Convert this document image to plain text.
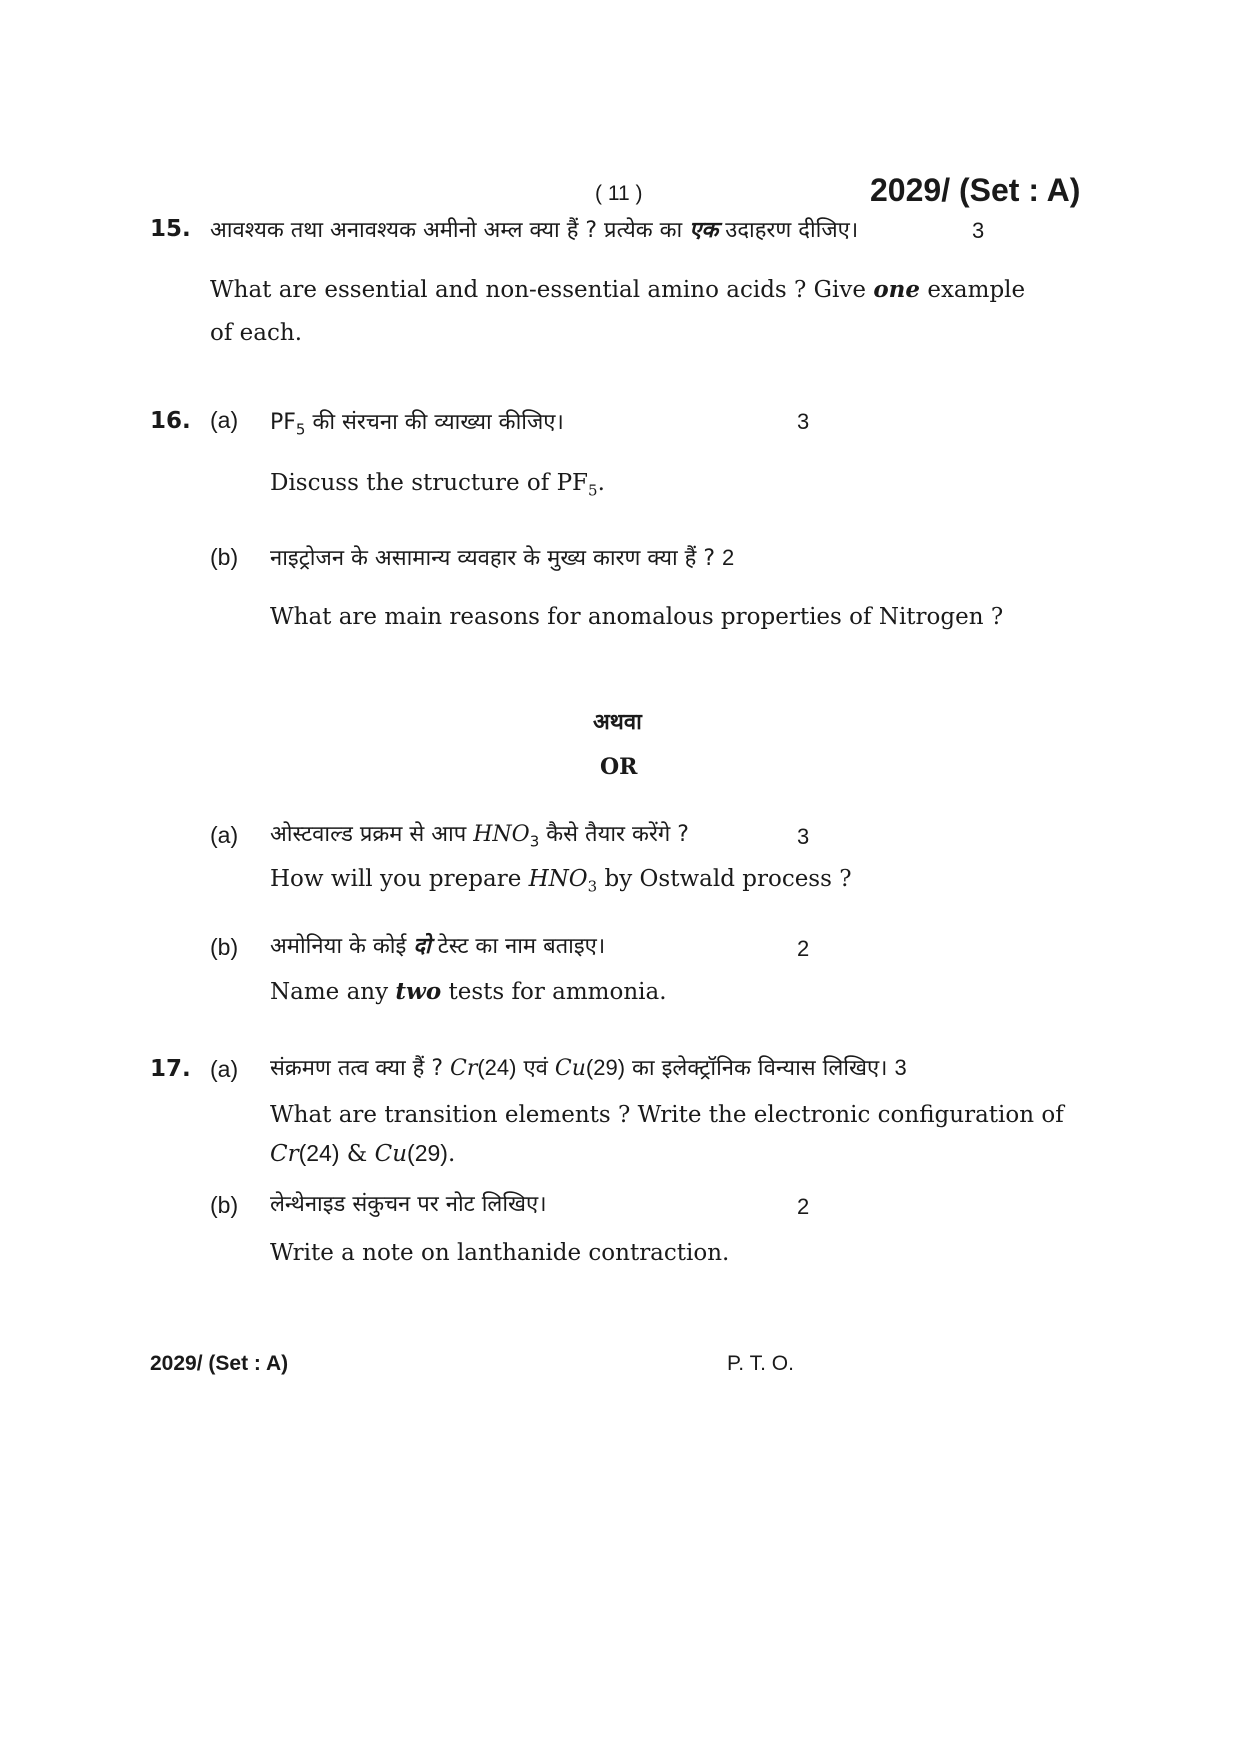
( 11 )	2029/ (Set : A)
15. आवश्यक तथा अनावश्यक अमीनो अम्ल क्या हैं ? प्रत्येक का एक उदाहरण दीजिए।	3
What are essential and non-essential amino acids ? Give one example
of each.
16. (a) $PF_5$ की संरचना की व्याख्या कीजिए।	3
Discuss the structure of $PF_5$.
(b) नाइट्रोजन के असामान्य व्यवहार के मुख्य कारण क्या हैं ? 2
What are main reasons for anomalous properties of Nitrogen ?
अथवा
OR
(a) ओस्टवाल्ड प्रक्रम से आप $HNO_3$ कैसे तैयार करेंगे ?	3
How will you prepare $HNO_3$ by Ostwald process ?
(b) अमोनिया के कोई दो टेस्ट का नाम बताइए।	2
Name any two tests for ammonia.
17. (a) संक्रमण तत्व क्या हैं ? Cr(24) एवं Cu(29) का इलेक्ट्रॉनिक विन्यास लिखिए। 3
What are transition elements ? Write the electronic configuration of
Cr(24) & Cu(29).
(b) लेन्थेनाइड संकुचन पर नोट लिखिए।	2
Write a note on lanthanide contraction.
2029/ (Set : A)	P. T. O.
